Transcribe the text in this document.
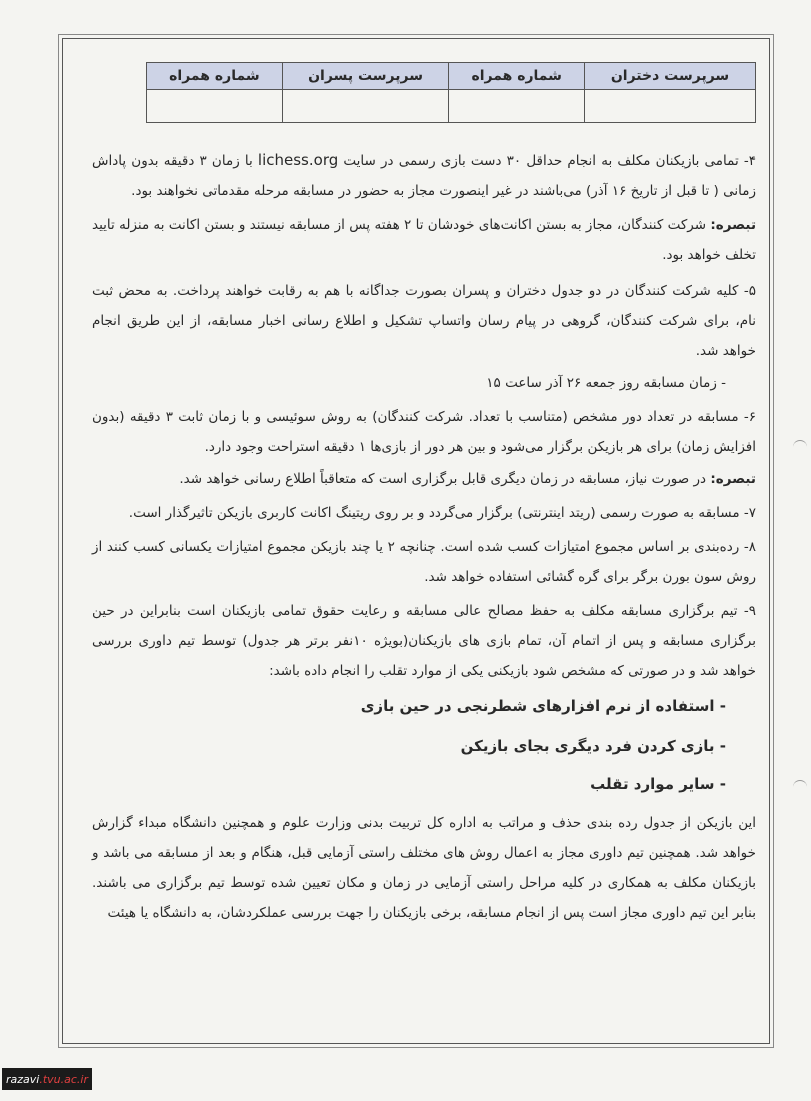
سرپرست دختران	شماره همراه	سرپرست پسران	شماره همراه

۴- تمامی بازیکنان مکلف به انجام حداقل ۳۰ دست بازی رسمی در سایت lichess.org با زمان ۳ دقیقه بدون پاداش زمانی ( تا قبل از تاریخ ۱۶ آذر) می‌باشند در غیر اینصورت مجاز به حضور در مسابقه مرحله مقدماتی نخواهند بود.

تبصره: شرکت کنندگان، مجاز به بستن اکانت‌های خودشان تا ۲ هفته پس از مسابقه نیستند و بستن اکانت به منزله تایید تخلف خواهد بود.

۵- کلیه شرکت کنندگان در دو جدول دختران و پسران بصورت جداگانه با هم به رقابت خواهند پرداخت. به محض ثبت نام، برای شرکت کنندگان، گروهی در پیام رسان واتساپ تشکیل و اطلاع رسانی اخبار مسابقه، از این طریق انجام خواهد شد.

- زمان مسابقه روز جمعه ۲۶ آذر ساعت ۱۵

۶- مسابقه در تعداد دور مشخص (متناسب با تعداد. شرکت کنندگان) به روش سوئیسی و با زمان ثابت ۳ دقیقه (بدون افزایش زمان) برای هر بازیکن برگزار می‌شود و بین هر دور از بازی‌ها ۱ دقیقه استراحت وجود دارد.

تبصره: در صورت نیاز، مسابقه در زمان دیگری قابل برگزاری است که متعاقباً اطلاع رسانی خواهد شد.

۷- مسابقه به صورت رسمی (ریتد اینترنتی) برگزار می‌گردد و بر روی ریتینگ اکانت کاربری بازیکن تاثیرگذار است.

۸- رده‌بندی بر اساس مجموع امتیازات کسب شده است. چنانچه ۲ یا چند بازیکن مجموع امتیازات یکسانی کسب کنند از روش سون بورن برگر برای گره گشائی استفاده خواهد شد.

۹- تیم برگزاری مسابقه مکلف به حفظ مصالح عالی مسابقه و رعایت حقوق تمامی بازیکنان است بنابراین در حین برگزاری مسابقه و پس از اتمام آن، تمام بازی های بازیکنان(بویژه ۱۰نفر برتر هر جدول) توسط تیم داوری بررسی خواهد شد و در صورتی که مشخص شود بازیکنی یکی از موارد تقلب را انجام داده باشد:

- استفاده از نرم افزارهای شطرنجی در حین بازی

- بازی کردن فرد دیگری بجای بازیکن

- سایر موارد تقلب

این بازیکن از جدول رده بندی حذف و مراتب به اداره کل تربیت بدنی وزارت علوم و همچنین دانشگاه مبداء گزارش خواهد شد. همچنین تیم داوری مجاز به اعمال روش های مختلف راستی آزمایی قبل، هنگام و بعد از مسابقه می باشد و بازیکنان مکلف به همکاری در کلیه مراحل راستی آزمایی در زمان و مکان تعیین شده توسط تیم برگزاری می باشند. بنابر این تیم داوری مجاز است پس از انجام مسابقه، برخی بازیکنان را جهت بررسی عملکردشان، به دانشگاه یا هیئت

razavi .tvu.ac.ir
